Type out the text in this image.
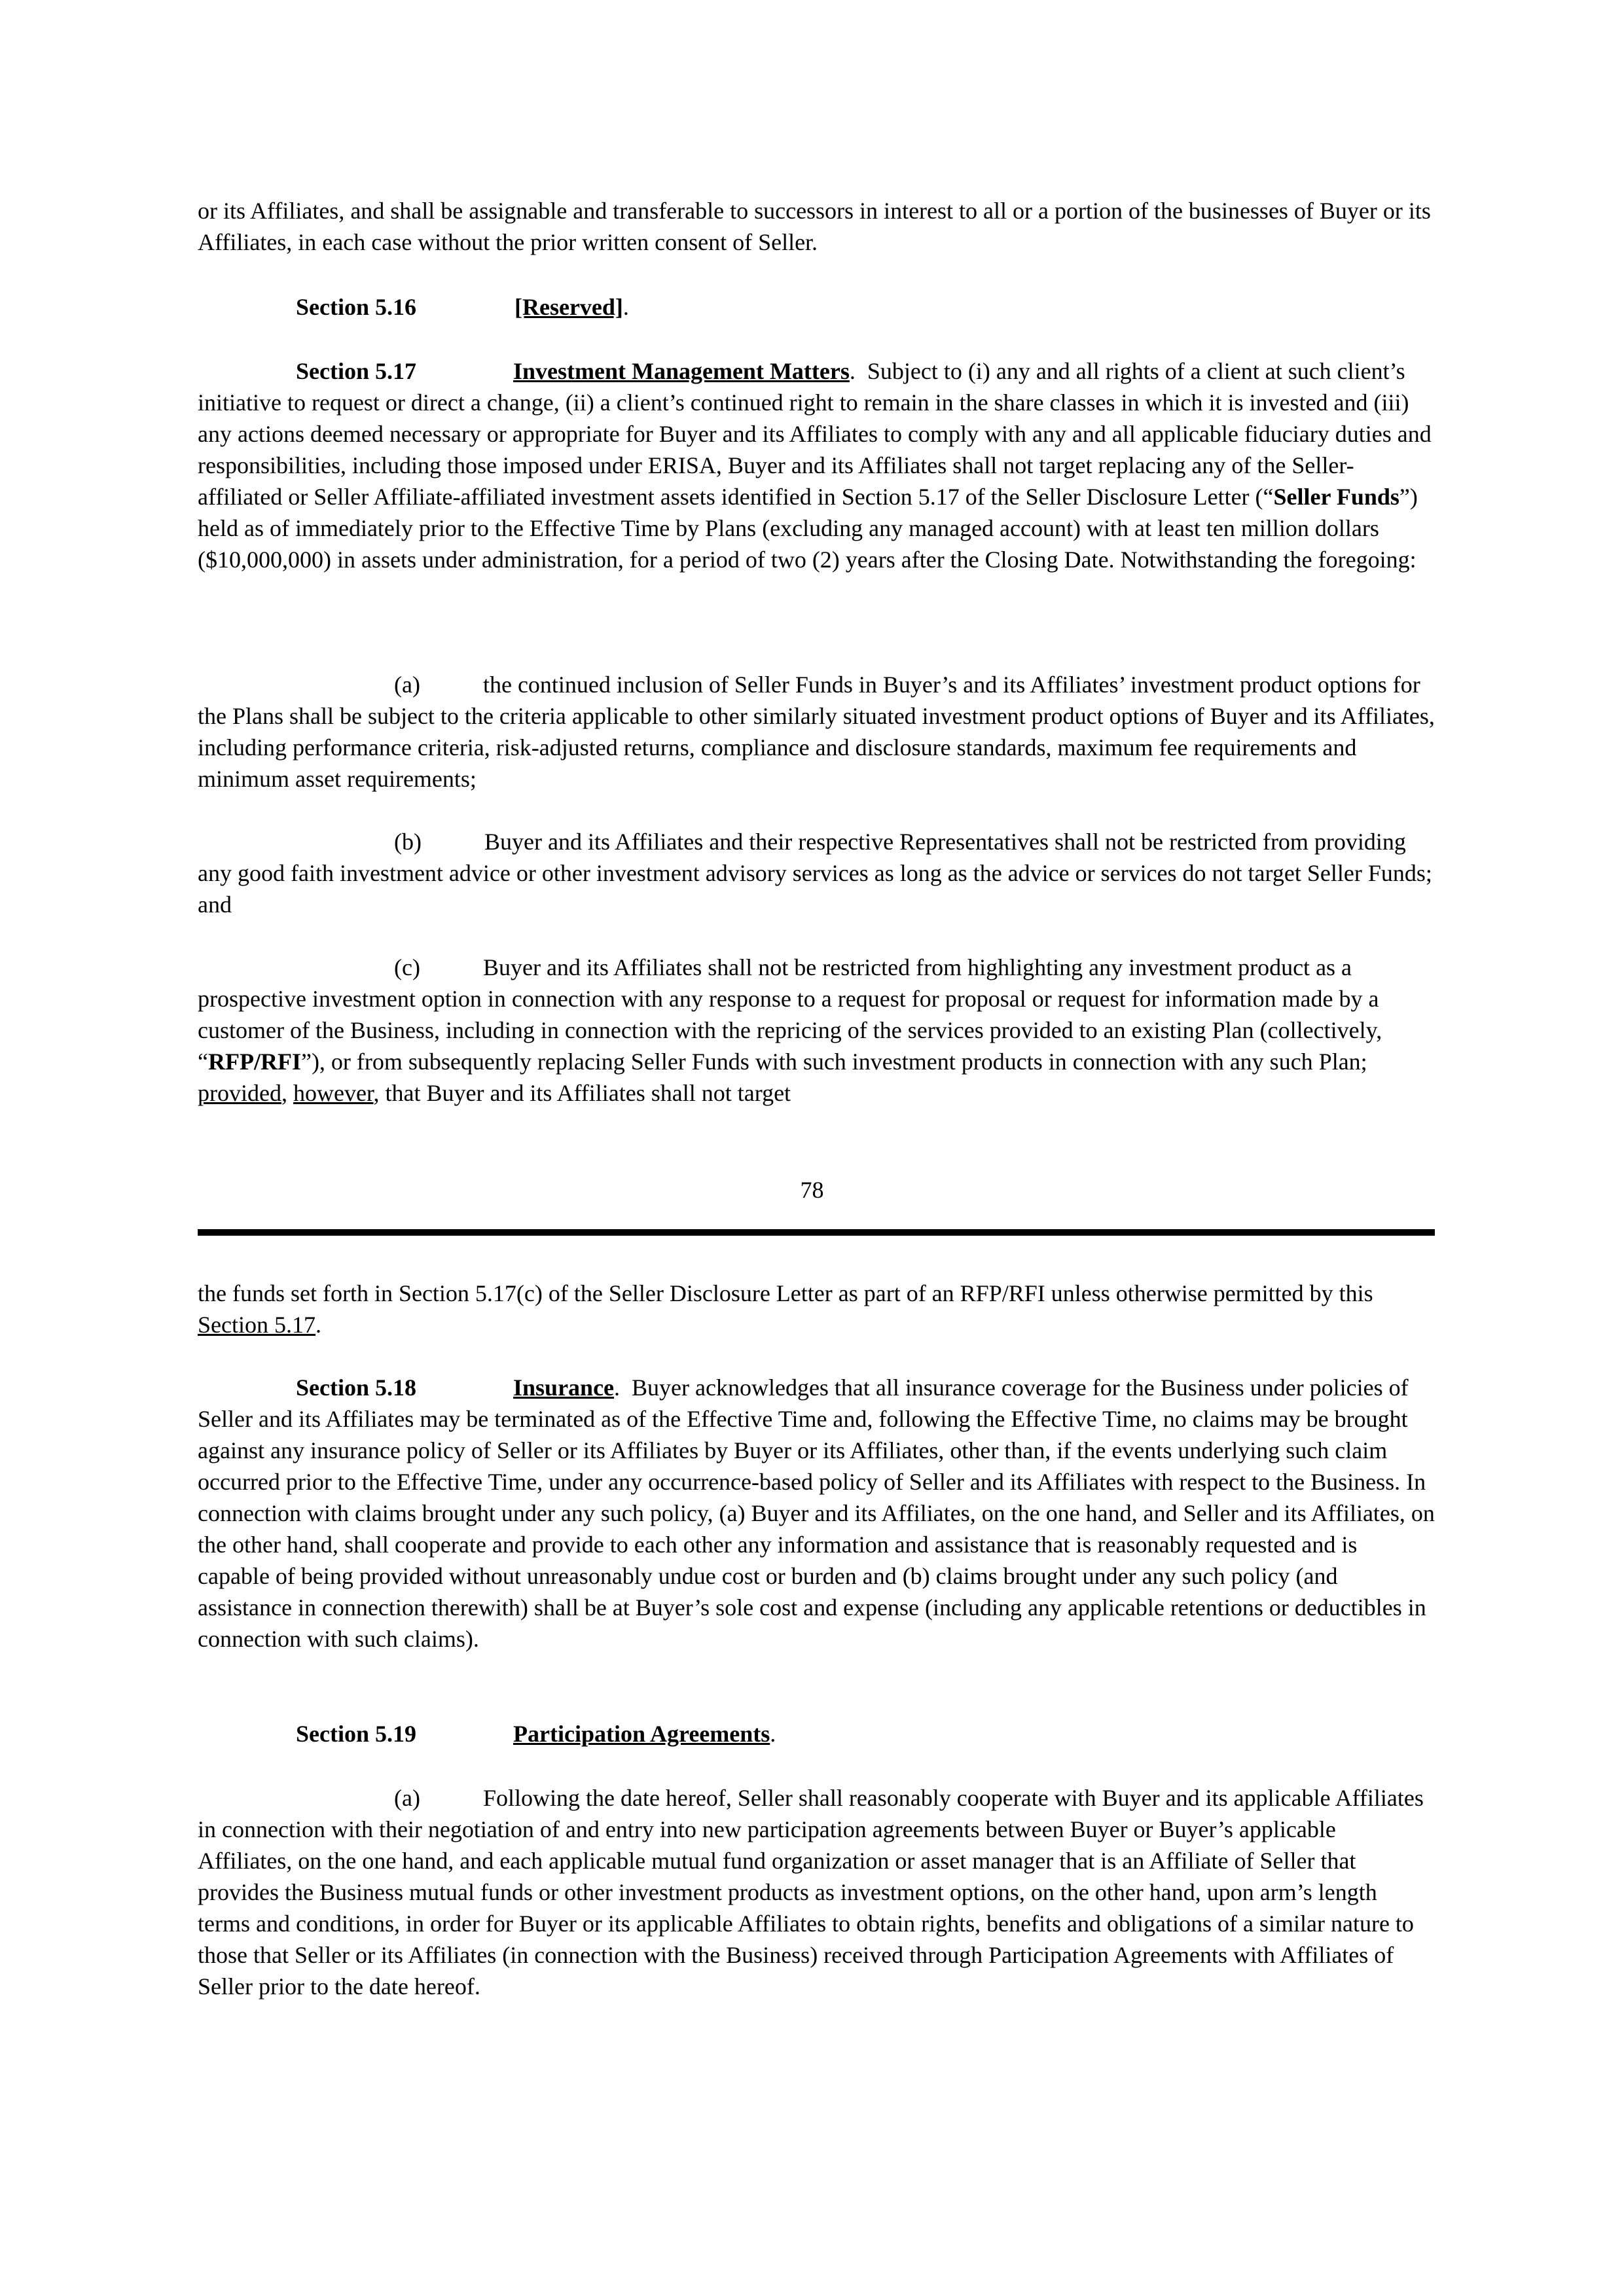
or its Affiliates, and shall be assignable and transferable to successors in interest to all or a portion of the businesses of Buyer or its Affiliates, in each case without the prior written consent of Seller.

Section 5.16	[Reserved].

Section 5.17	Investment Management Matters.  Subject to (i) any and all rights of a client at such client’s initiative to request or direct a change, (ii) a client’s continued right to remain in the share classes in which it is invested and (iii) any actions deemed necessary or appropriate for Buyer and its Affiliates to comply with any and all applicable fiduciary duties and responsibilities, including those imposed under ERISA, Buyer and its Affiliates shall not target replacing any of the Seller-affiliated or Seller Affiliate-affiliated investment assets identified in Section 5.17 of the Seller Disclosure Letter (“Seller Funds”) held as of immediately prior to the Effective Time by Plans (excluding any managed account) with at least ten million dollars ($10,000,000) in assets under administration, for a period of two (2) years after the Closing Date. Notwithstanding the foregoing:

(a)	the continued inclusion of Seller Funds in Buyer’s and its Affiliates’ investment product options for the Plans shall be subject to the criteria applicable to other similarly situated investment product options of Buyer and its Affiliates, including performance criteria, risk-adjusted returns, compliance and disclosure standards, maximum fee requirements and minimum asset requirements;

(b)	Buyer and its Affiliates and their respective Representatives shall not be restricted from providing any good faith investment advice or other investment advisory services as long as the advice or services do not target Seller Funds; and

(c)	Buyer and its Affiliates shall not be restricted from highlighting any investment product as a prospective investment option in connection with any response to a request for proposal or request for information made by a customer of the Business, including in connection with the repricing of the services provided to an existing Plan (collectively, “RFP/RFI”), or from subsequently replacing Seller Funds with such investment products in connection with any such Plan; provided, however, that Buyer and its Affiliates shall not target

78

the funds set forth in Section 5.17(c) of the Seller Disclosure Letter as part of an RFP/RFI unless otherwise permitted by this Section 5.17.

Section 5.18	Insurance.  Buyer acknowledges that all insurance coverage for the Business under policies of Seller and its Affiliates may be terminated as of the Effective Time and, following the Effective Time, no claims may be brought against any insurance policy of Seller or its Affiliates by Buyer or its Affiliates, other than, if the events underlying such claim occurred prior to the Effective Time, under any occurrence-based policy of Seller and its Affiliates with respect to the Business. In connection with claims brought under any such policy, (a) Buyer and its Affiliates, on the one hand, and Seller and its Affiliates, on the other hand, shall cooperate and provide to each other any information and assistance that is reasonably requested and is capable of being provided without unreasonably undue cost or burden and (b) claims brought under any such policy (and assistance in connection therewith) shall be at Buyer’s sole cost and expense (including any applicable retentions or deductibles in connection with such claims).

Section 5.19	Participation Agreements.

(a)	Following the date hereof, Seller shall reasonably cooperate with Buyer and its applicable Affiliates in connection with their negotiation of and entry into new participation agreements between Buyer or Buyer’s applicable Affiliates, on the one hand, and each applicable mutual fund organization or asset manager that is an Affiliate of Seller that provides the Business mutual funds or other investment products as investment options, on the other hand, upon arm’s length terms and conditions, in order for Buyer or its applicable Affiliates to obtain rights, benefits and obligations of a similar nature to those that Seller or its Affiliates (in connection with the Business) received through Participation Agreements with Affiliates of Seller prior to the date hereof.
